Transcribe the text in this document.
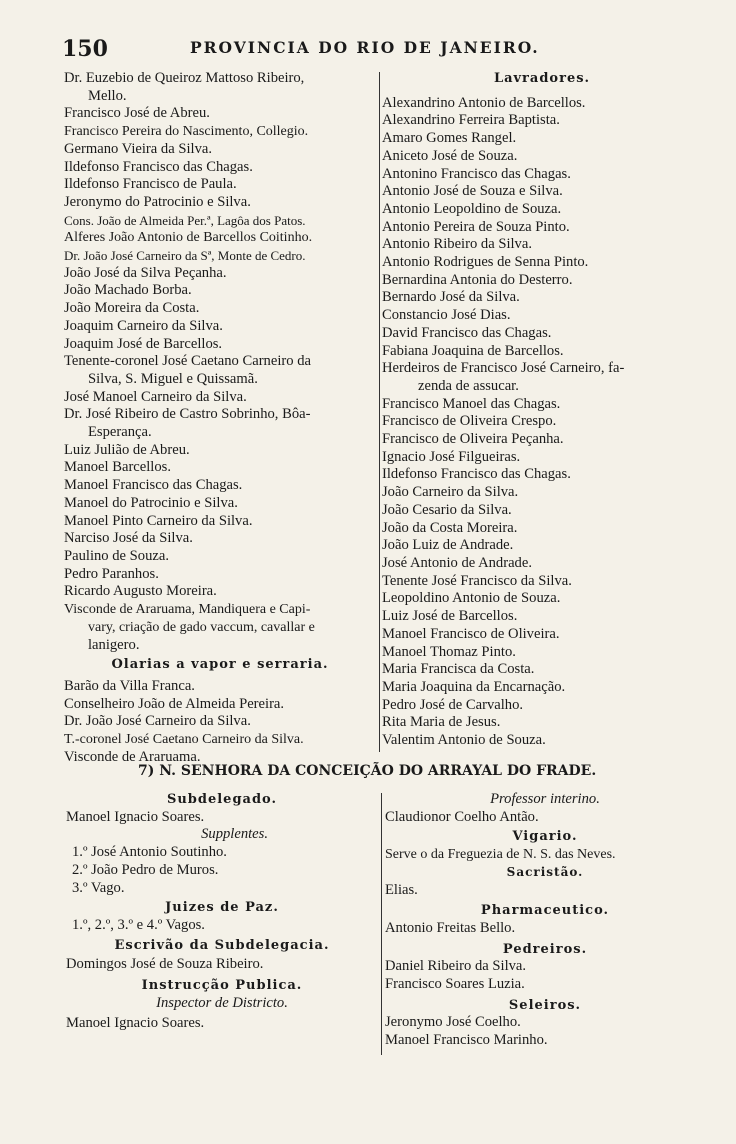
150	PROVINCIA DO RIO DE JANEIRO.
Dr. Euzebio de Queiroz Mattoso Ribeiro,
Mello.
Francisco José de Abreu.
Francisco Pereira do Nascimento, Collegio.
Germano Vieira da Silva.
Ildefonso Francisco das Chagas.
Ildefonso Francisco de Paula.
Jeronymo do Patrocinio e Silva.
Cons. João de Almeida Per.ª, Lagôa dos Patos.
Alferes João Antonio de Barcellos Coitinho.
Dr. João José Carneiro da Sª, Monte de Cedro.
João José da Silva Peçanha.
João Machado Borba.
João Moreira da Costa.
Joaquim Carneiro da Silva.
Joaquim José de Barcellos.
Tenente-coronel José Caetano Carneiro da
Silva, S. Miguel e Quissamã.
José Manoel Carneiro da Silva.
Dr. José Ribeiro de Castro Sobrinho, Bôa-
Esperança.
Luiz Julião de Abreu.
Manoel Barcellos.
Manoel Francisco das Chagas.
Manoel do Patrocinio e Silva.
Manoel Pinto Carneiro da Silva.
Narciso José da Silva.
Paulino de Souza.
Pedro Paranhos.
Ricardo Augusto Moreira.
Visconde de Araruama, Mandiquera e Capi-
vary, criação de gado vaccum, cavallar e
lanigero.
Olarias a vapor e serraria.
Barão da Villa Franca.
Conselheiro João de Almeida Pereira.
Dr. João José Carneiro da Silva.
T.-coronel José Caetano Carneiro da Silva.
Visconde de Araruama.
Lavradores.
Alexandrino Antonio de Barcellos.
Alexandrino Ferreira Baptista.
Amaro Gomes Rangel.
Aniceto José de Souza.
Antonino Francisco das Chagas.
Antonio José de Souza e Silva.
Antonio Leopoldino de Souza.
Antonio Pereira de Souza Pinto.
Antonio Ribeiro da Silva.
Antonio Rodrigues de Senna Pinto.
Bernardina Antonia do Desterro.
Bernardo José da Silva.
Constancio José Dias.
David Francisco das Chagas.
Fabiana Joaquina de Barcellos.
Herdeiros de Francisco José Carneiro, fa-
zenda de assucar.
Francisco Manoel das Chagas.
Francisco de Oliveira Crespo.
Francisco de Oliveira Peçanha.
Ignacio José Filgueiras.
Ildefonso Francisco das Chagas.
João Carneiro da Silva.
João Cesario da Silva.
João da Costa Moreira.
João Luiz de Andrade.
José Antonio de Andrade.
Tenente José Francisco da Silva.
Leopoldino Antonio de Souza.
Luiz José de Barcellos.
Manoel Francisco de Oliveira.
Manoel Thomaz Pinto.
Maria Francisca da Costa.
Maria Joaquina da Encarnação.
Pedro José de Carvalho.
Rita Maria de Jesus.
Valentim Antonio de Souza.
7) N. SENHORA DA CONCEIÇÃO DO ARRAYAL DO FRADE.
Subdelegado.
Manoel Ignacio Soares.
Supplentes.
1.º José Antonio Soutinho.
2.º João Pedro de Muros.
3.º Vago.
Juizes de Paz.
1.º, 2.º, 3.º e 4.º Vagos.
Escrivão da Subdelegacia.
Domingos José de Souza Ribeiro.
Instrucção Publica.
Inspector de Districto.
Manoel Ignacio Soares.
Professor interino.
Claudionor Coelho Antão.
Vigario.
Serve o da Freguezia de N. S. das Neves.
Sacristão.
Elias.
Pharmaceutico.
Antonio Freitas Bello.
Pedreiros.
Daniel Ribeiro da Silva.
Francisco Soares Luzia.
Seleiros.
Jeronymo José Coelho.
Manoel Francisco Marinho.
